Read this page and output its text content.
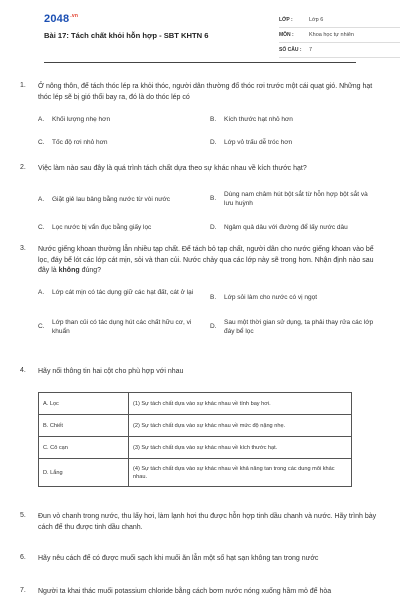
$2048^{.vn}$
Bài 17: Tách chất khỏi hỗn hợp - SBT KHTN 6
LỚP :	Lớp 6
MÔN :	Khoa học tự nhiên
SỐ CÂU :	7
1. Ở nông thôn, để tách thóc lép ra khỏi thóc, người dân thường đổ thóc rơi trước một cái quạt gió. Những hạt thóc lép sẽ bị gió thổi bay ra, đó là do thóc lép có
A.	Khối lượng nhẹ hơn	B.	Kích thước hạt nhỏ hơn
C.	Tốc độ rơi nhỏ hơn	D.	Lớp vỏ trấu dễ tróc hơn
2. Việc làm nào sau đây là quá trình tách chất dựa theo sự khác nhau về kích thước hạt?
A.	Giặt giẻ lau bảng bằng nước từ vòi nước	B.
Dùng nam châm hút bột sắt từ hỗn hợp bột sắt và lưu huỳnh
C.	Lọc nước bị vẩn đục bằng giấy lọc	D.	Ngâm quả dâu với đường để lấy nước dâu
3. Nước giếng khoan thường lẫn nhiều tạp chất. Để tách bỏ tạp chất, người dân cho nước giếng khoan vào bể lọc, đáy bể lót các lớp cát mịn, sỏi và than củi. Nước chảy qua các lớp này sẽ trong hơn. Nhận định nào sau đây là không đúng?
A.	Lớp cát mịn có tác dụng giữ các hạt đất, cát ở lại
B.	Lớp sỏi làm cho nước có vị ngọt
C.
Lớp than củi có tác dụng hút các chất hữu cơ, vi khuẩn
D.
Sau một thời gian sử dụng, ta phải thay rửa các lớp đáy bể lọc
4. Hãy nối thông tin hai cột cho phù hợp với nhau
A. Lọc	(1) Sự tách chất dựa vào sự khác nhau về tính bay hơi.
B. Chiết	(2) Sự tách chất dựa vào sự khác nhau về mức độ nặng nhẹ.
C. Cô cạn	(3) Sự tách chất dựa vào sự khác nhau về kích thước hạt.
D. Lắng	(4) Sự tách chất dựa vào sự khác nhau về khả năng tan trong các dung môi khác nhau.
5. Đun vỏ chanh trong nước, thu lấy hơi, làm lạnh hơi thu được hỗn hợp tinh dầu chanh và nước. Hãy trình bày cách để thu được tinh dầu chanh.
6. Hãy nêu cách để có được muối sạch khi muối ăn lẫn một số hạt sạn không tan trong nước
7. Người ta khai thác muối potassium chloride bằng cách bơm nước nóng xuống hầm mỏ để hòa
